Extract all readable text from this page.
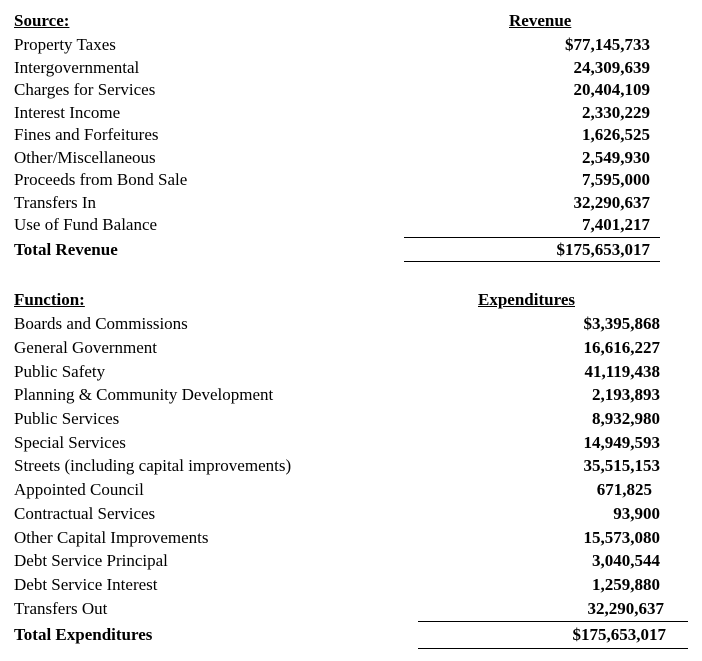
Source:	Revenue
Property Taxes	$77,145,733
Intergovernmental	24,309,639
Charges for Services	20,404,109
Interest Income	2,330,229
Fines and Forfeitures	1,626,525
Other/Miscellaneous	2,549,930
Proceeds from Bond Sale	7,595,000
Transfers In	32,290,637
Use of Fund Balance	7,401,217
Total Revenue	$175,653,017
Function:	Expenditures
Boards and Commissions	$3,395,868
General Government	16,616,227
Public Safety	41,119,438
Planning & Community Development	2,193,893
Public Services	8,932,980
Special Services	14,949,593
Streets (including capital improvements)	35,515,153
Appointed Council	671,825
Contractual Services	93,900
Other Capital Improvements	15,573,080
Debt Service Principal	3,040,544
Debt Service Interest	1,259,880
Transfers Out	32,290,637
Total Expenditures	$175,653,017
